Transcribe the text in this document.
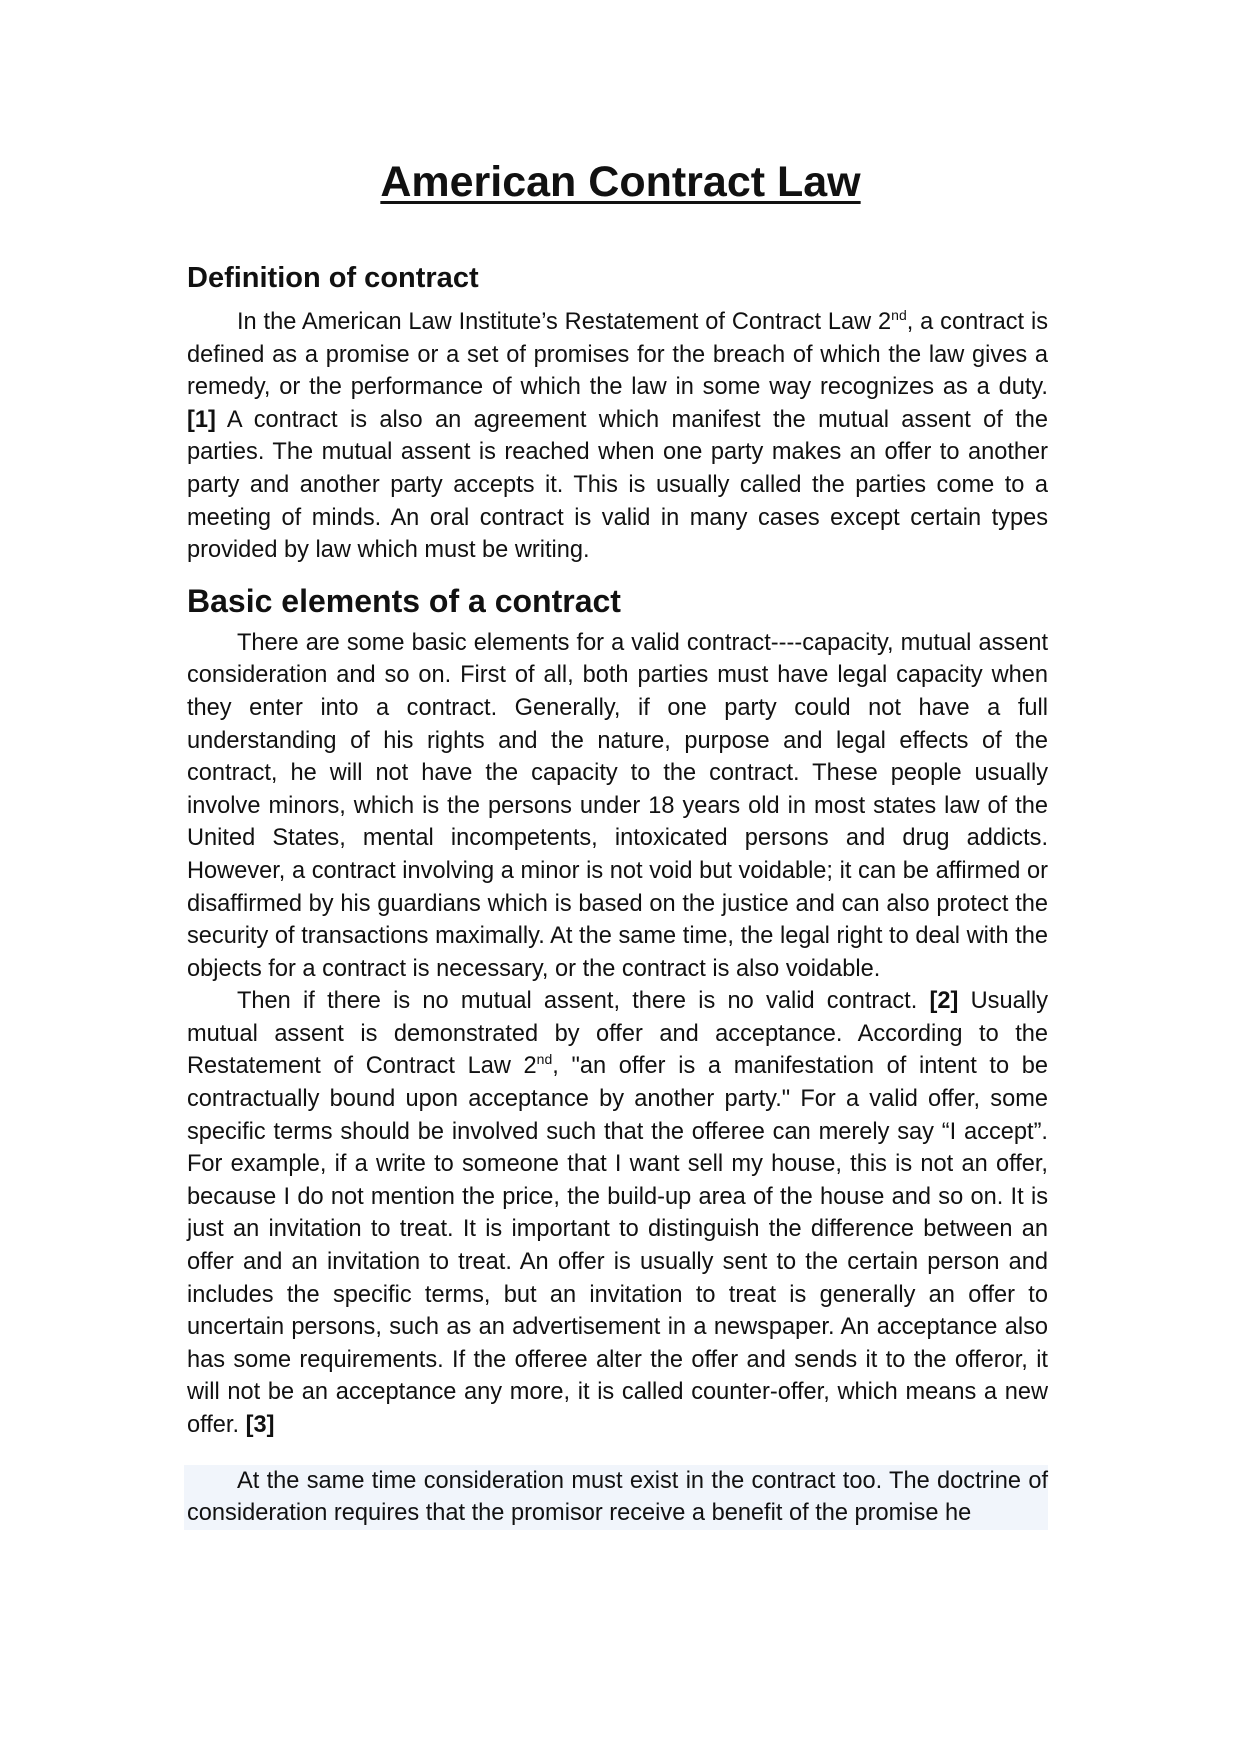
American Contract Law
Definition of contract

In the American Law Institute’s Restatement of Contract Law 2nd, a contract is defined as a promise or a set of promises for the breach of which the law gives a remedy, or the performance of which the law in some way recognizes as a duty. [1] A contract is also an agreement which manifest the mutual assent of the parties. The mutual assent is reached when one party makes an offer to another party and another party accepts it. This is usually called the parties come to a meeting of minds. An oral contract is valid in many cases except certain types provided by law which must be writing.

Basic elements of a contract

There are some basic elements for a valid contract----capacity, mutual assent consideration and so on. First of all, both parties must have legal capacity when they enter into a contract. Generally, if one party could not have a full understanding of his rights and the nature, purpose and legal effects of the contract, he will not have the capacity to the contract. These people usually involve minors, which is the persons under 18 years old in most states law of the United States, mental incompetents, intoxicated persons and drug addicts. However, a contract involving a minor is not void but voidable; it can be affirmed or disaffirmed by his guardians which is based on the justice and can also protect the security of transactions maximally. At the same time, the legal right to deal with the objects for a contract is necessary, or the contract is also voidable.

Then if there is no mutual assent, there is no valid contract. [2] Usually mutual assent is demonstrated by offer and acceptance. According to the Restatement of Contract Law 2nd, "an offer is a manifestation of intent to be contractually bound upon acceptance by another party." For a valid offer, some specific terms should be involved such that the offeree can merely say “I accept”. For example, if a write to someone that I want sell my house, this is not an offer, because I do not mention the price, the build-up area of the house and so on. It is just an invitation to treat. It is important to distinguish the difference between an offer and an invitation to treat. An offer is usually sent to the certain person and includes the specific terms, but an invitation to treat is generally an offer to uncertain persons, such as an advertisement in a newspaper. An acceptance also has some requirements. If the offeree alter the offer and sends it to the offeror, it will not be an acceptance any more, it is called counter-offer, which means a new offer. [3]

At the same time consideration must exist in the contract too. The doctrine of consideration requires that the promisor receive a benefit of the promise he
